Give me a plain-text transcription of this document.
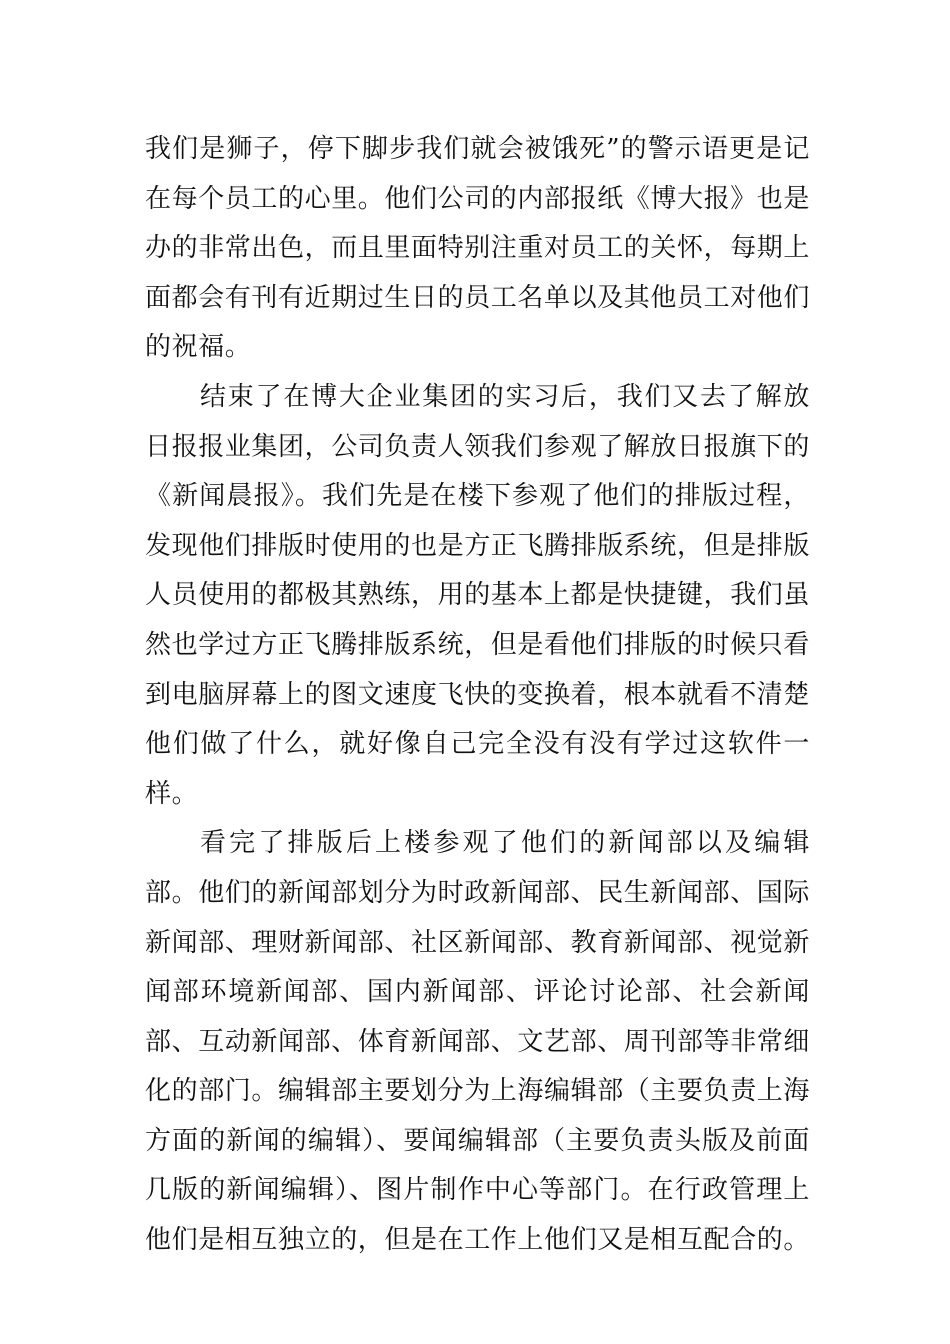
我们是狮子，停下脚步我们就会被饿死”的警示语更是记在每个员工的心里。他们公司的内部报纸《博大报》也是办的非常出色，而且里面特别注重对员工的关怀，每期上面都会有刊有近期过生日的员工名单以及其他员工对他们的祝福。

结束了在博大企业集团的实习后，我们又去了解放日报报业集团，公司负责人领我们参观了解放日报旗下的《新闻晨报》。我们先是在楼下参观了他们的排版过程，发现他们排版时使用的也是方正飞腾排版系统，但是排版人员使用的都极其熟练，用的基本上都是快捷键，我们虽然也学过方正飞腾排版系统，但是看他们排版的时候只看到电脑屏幕上的图文速度飞快的变换着，根本就看不清楚他们做了什么，就好像自己完全没有没有学过这软件一样。

看完了排版后上楼参观了他们的新闻部以及编辑部。他们的新闻部划分为时政新闻部、民生新闻部、国际新闻部、理财新闻部、社区新闻部、教育新闻部、视觉新闻部环境新闻部、国内新闻部、评论讨论部、社会新闻部、互动新闻部、体育新闻部、文艺部、周刊部等非常细化的部门。编辑部主要划分为上海编辑部（主要负责上海方面的新闻的编辑）、要闻编辑部（主要负责头版及前面几版的新闻编辑）、图片制作中心等部门。在行政管理上他们是相互独立的，但是在工作上他们又是相互配合的。
